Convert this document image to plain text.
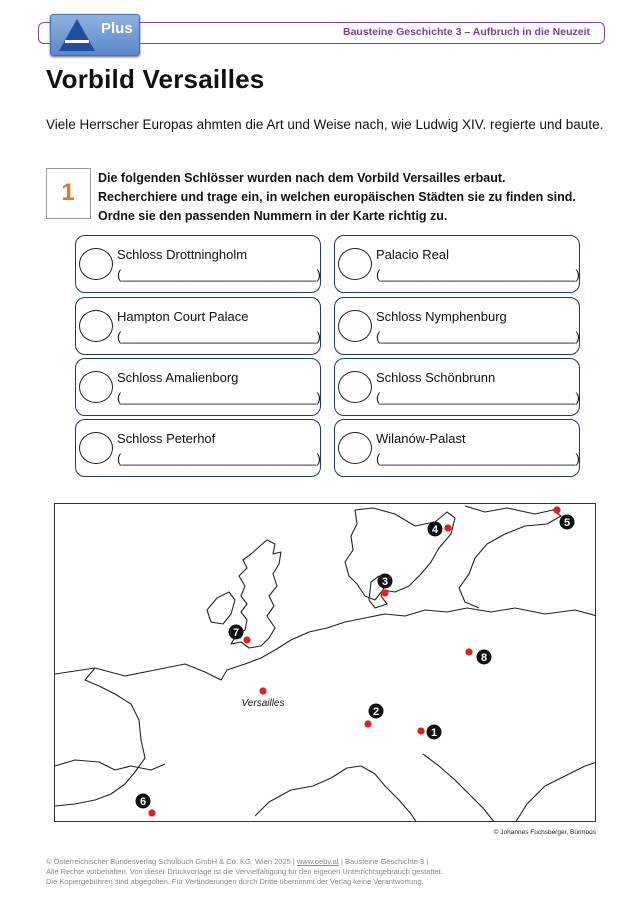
Bausteine Geschichte 3 – Aufbruch in die Neuzeit
Plus
Vorbild Versailles
Viele Herrscher Europas ahmten die Art und Weise nach, wie Ludwig XIV. regierte und baute.
1
Die folgenden Schlösser wurden nach dem Vorbild Versailles erbaut.
Recherchiere und trage ein, in welchen europäischen Städten sie zu finden sind.
Ordne sie den passenden Nummern in der Karte richtig zu.
Schloss Drottningholm
(___________________________)
Palacio Real
(___________________________)
Hampton Court Palace
(___________________________)
Schloss Nymphenburg
(___________________________)
Schloss Amalienborg
(___________________________)
Schloss Schönbrunn
(___________________________)
Schloss Peterhof
(___________________________)
Wilanów-Palast
(___________________________)
1
2
3
4
5
6
7
8
Versailles
© Johannes Fuchsberger, Bürmoos
© Österreichischer Bundesverlag Schulbuch GmbH & Co. KG. Wien 2025 | www.oebv.at | Bausteine Geschichte 3 |
Alle Rechte vorbehalten. Von dieser Druckvorlage ist die Vervielfältigung für den eigenen Unterrichtsgebrauch gestattet.
Die Kopiergebühren sind abgegolten. Für Veränderungen durch Dritte übernimmt der Verlag keine Verantwortung.
